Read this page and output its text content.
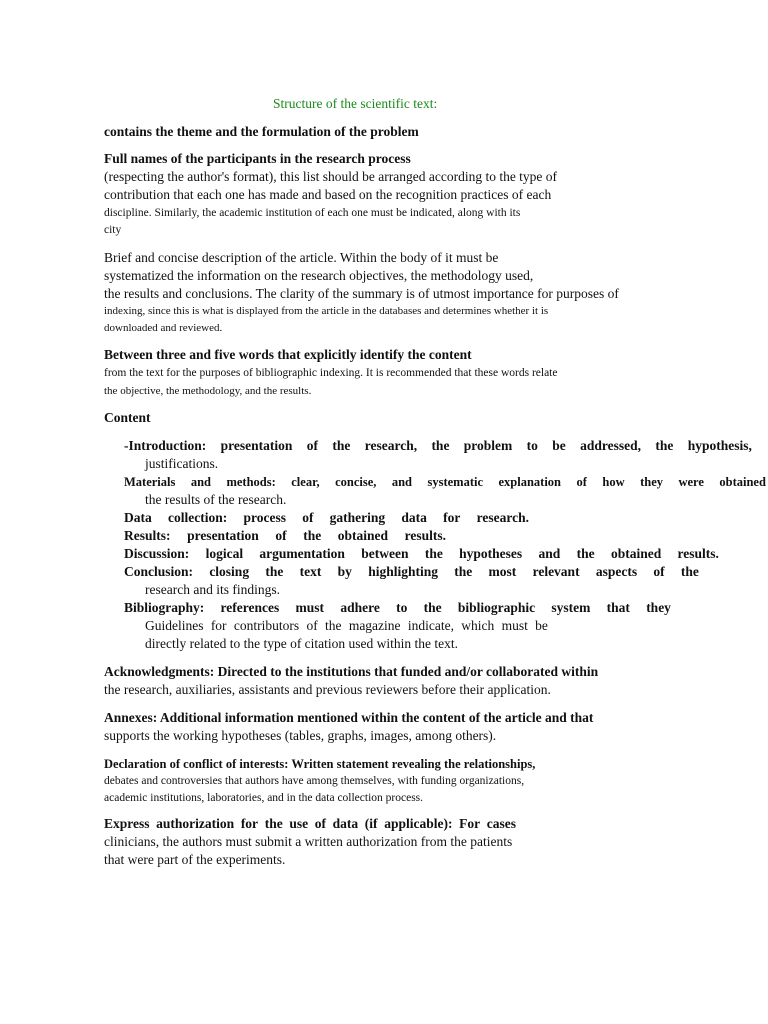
Structure of the scientific text:
contains the theme and the formulation of the problem
Full names of the participants in the research process
(respecting the author's format), this list should be arranged according to the type of
contribution that each one has made and based on the recognition practices of each
discipline. Similarly, the academic institution of each one must be indicated, along with its
city
Brief and concise description of the article. Within the body of it must be
systematized the information on the research objectives, the methodology used,
the results and conclusions. The clarity of the summary is of utmost importance for purposes of
indexing, since this is what is displayed from the article in the databases and determines whether it is
downloaded and reviewed.
Between three and five words that explicitly identify the content
from the text for the purposes of bibliographic indexing. It is recommended that these words relate
the objective, the methodology, and the results.
Content
-Introduction: presentation of the research, the problem to be addressed, the hypothesis,
justifications.
Materials and methods: clear, concise, and systematic explanation of how they were obtained
the results of the research.
Data collection: process of gathering data for research.
Results: presentation of the obtained results.
Discussion: logical argumentation between the hypotheses and the obtained results.
Conclusion: closing the text by highlighting the most relevant aspects of the
research and its findings.
Bibliography: references must adhere to the bibliographic system that they
Guidelines for contributors of the magazine indicate, which must be
directly related to the type of citation used within the text.
Acknowledgments: Directed to the institutions that funded and/or collaborated within
the research, auxiliaries, assistants and previous reviewers before their application.
Annexes: Additional information mentioned within the content of the article and that
supports the working hypotheses (tables, graphs, images, among others).
Declaration of conflict of interests: Written statement revealing the relationships,
debates and controversies that authors have among themselves, with funding organizations,
academic institutions, laboratories, and in the data collection process.
Express authorization for the use of data (if applicable): For cases
clinicians, the authors must submit a written authorization from the patients
that were part of the experiments.
